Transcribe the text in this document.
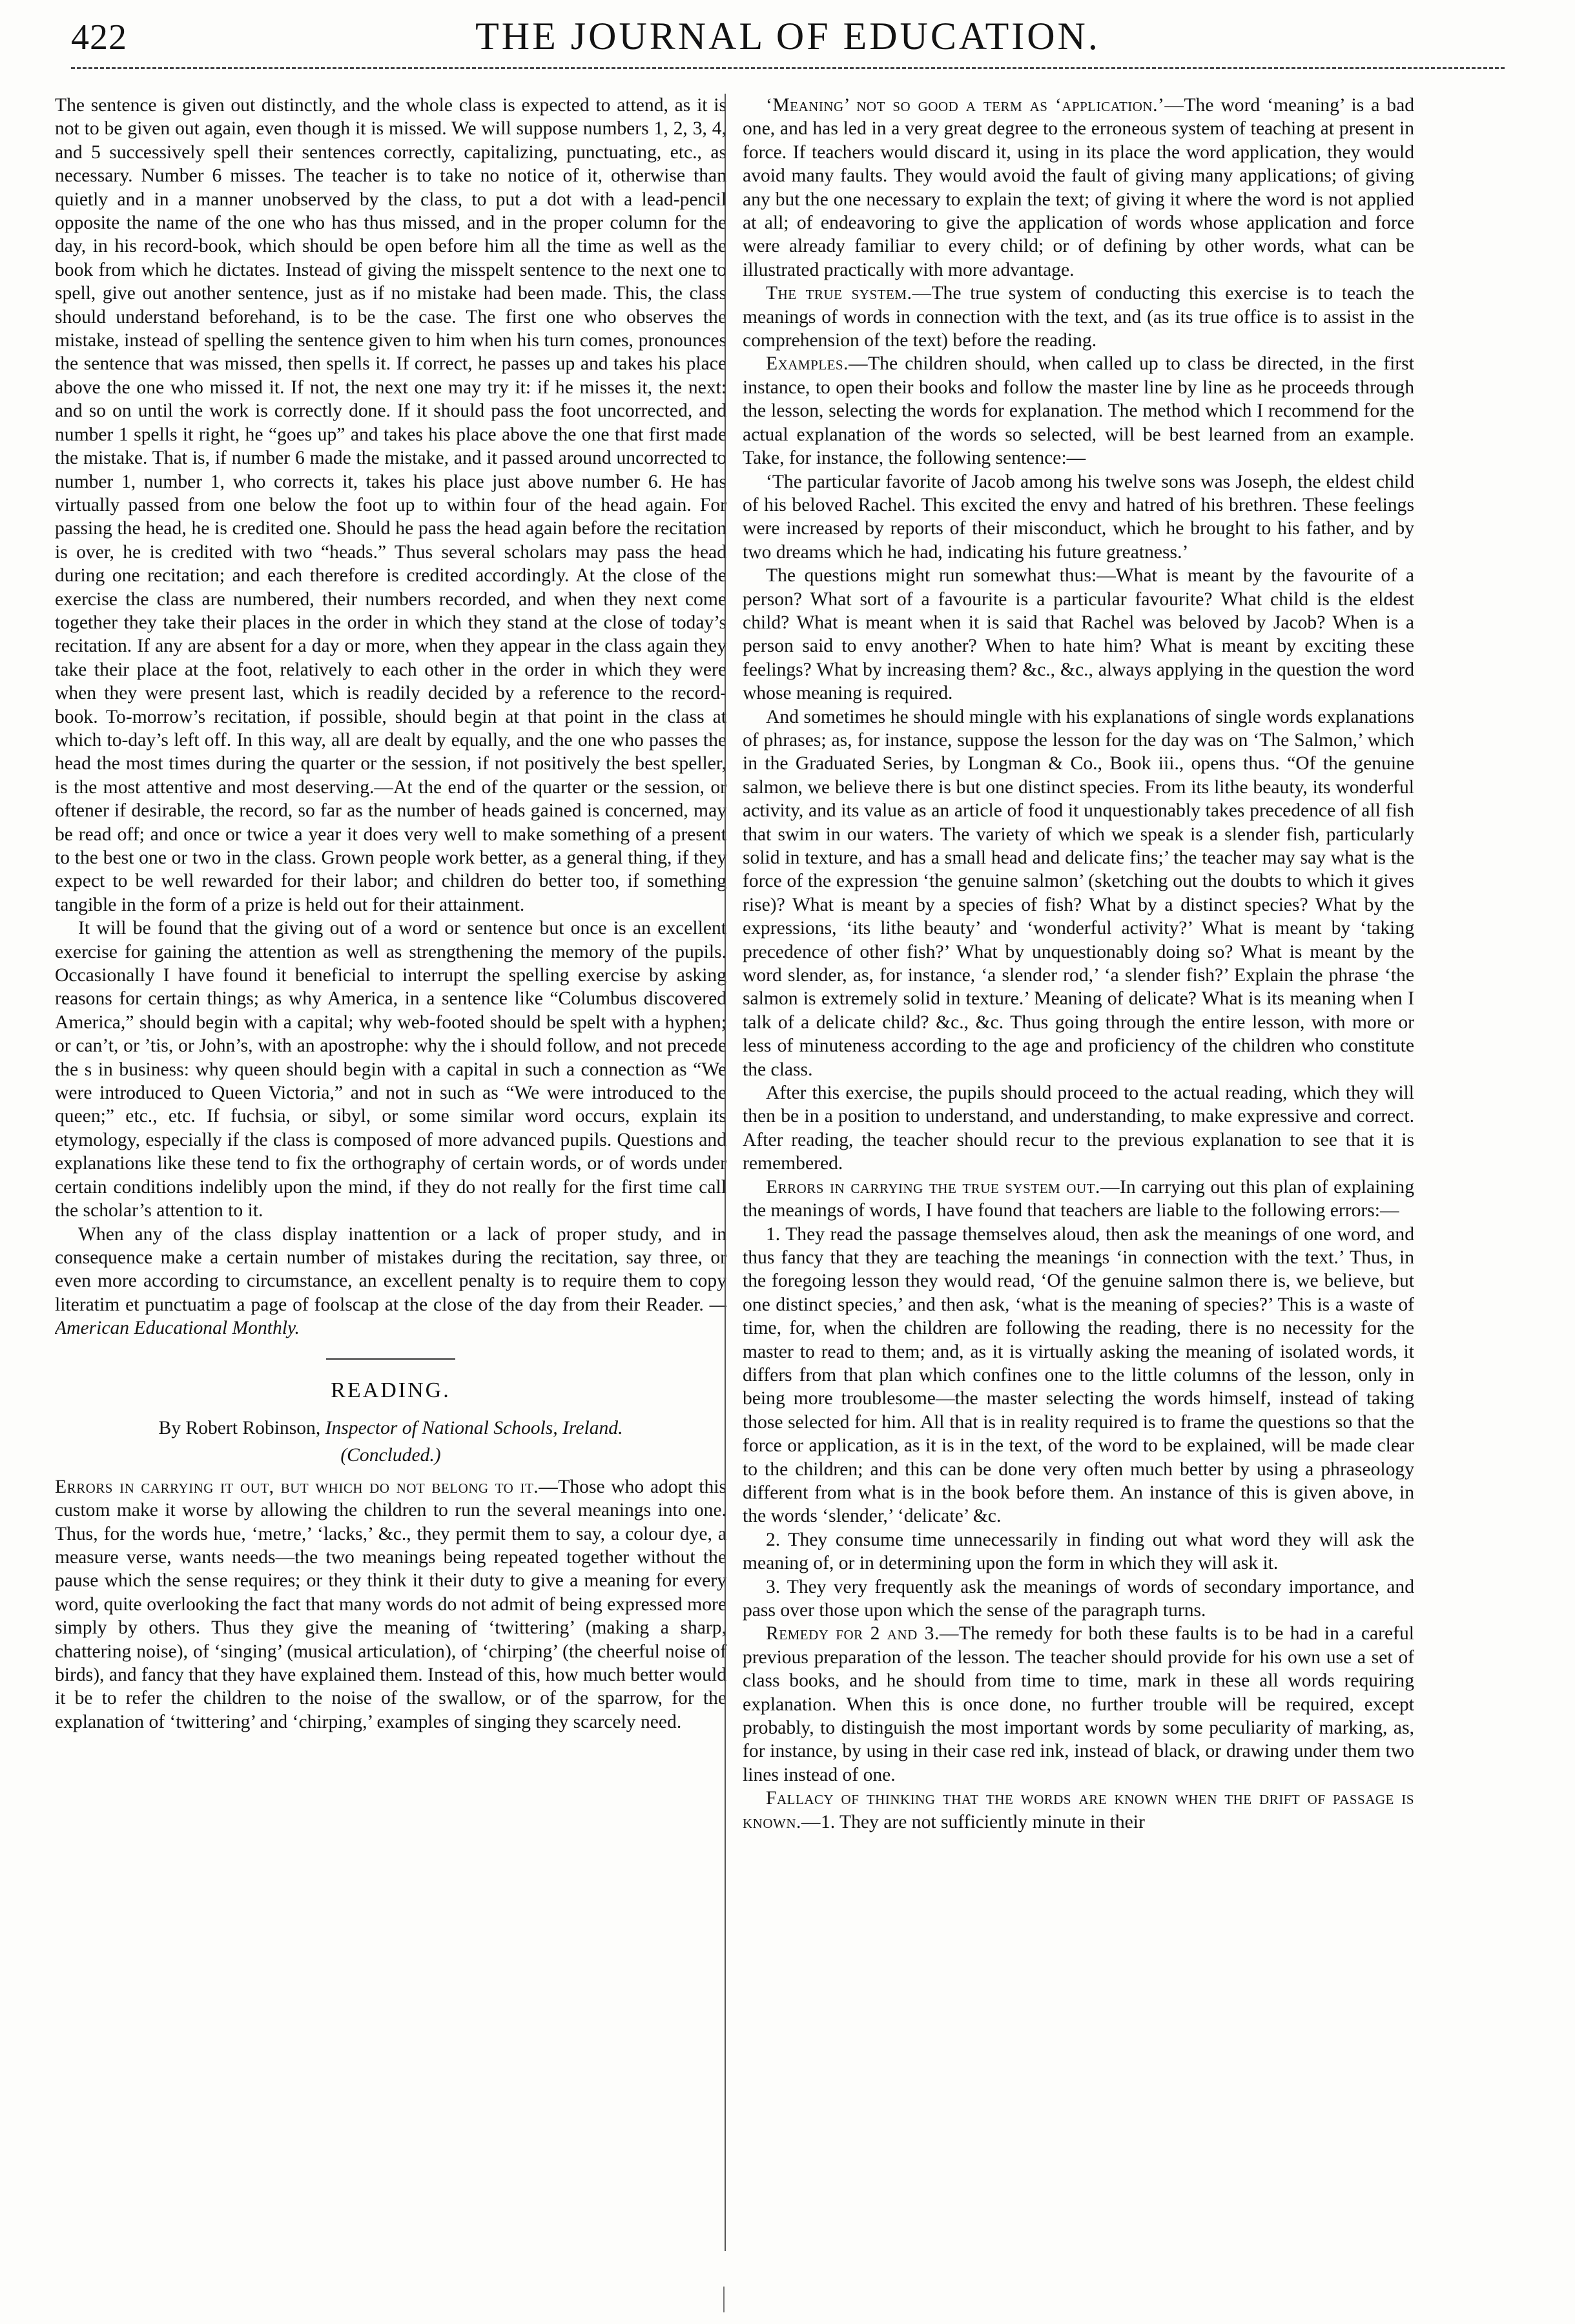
422	THE JOURNAL OF EDUCATION.

The sentence is given out distinctly, and the whole class is expected to attend, as it is not to be given out again, even though it is missed. We will suppose numbers 1, 2, 3, 4, and 5 successively spell their sentences correctly, capitalizing, punctuating, etc., as necessary. Number 6 misses. The teacher is to take no notice of it, otherwise than quietly and in a manner unobserved by the class, to put a dot with a lead-pencil opposite the name of the one who has thus missed, and in the proper column for the day, in his record-book, which should be open before him all the time as well as the book from which he dictates. Instead of giving the misspelt sentence to the next one to spell, give out another sentence, just as if no mistake had been made. This, the class should understand beforehand, is to be the case. The first one who observes the mistake, instead of spelling the sentence given to him when his turn comes, pronounces the sentence that was missed, then spells it. If correct, he passes up and takes his place above the one who missed it. If not, the next one may try it: if he misses it, the next: and so on until the work is correctly done. If it should pass the foot uncorrected, and number 1 spells it right, he “goes up” and takes his place above the one that first made the mistake. That is, if number 6 made the mistake, and it passed around uncorrected to number 1, number 1, who corrects it, takes his place just above number 6. He has virtually passed from one below the foot up to within four of the head again. For passing the head, he is credited one. Should he pass the head again before the recitation is over, he is credited with two “heads.” Thus several scholars may pass the head during one recitation; and each therefore is credited accordingly. At the close of the exercise the class are numbered, their numbers recorded, and when they next come together they take their places in the order in which they stand at the close of today’s recitation. If any are absent for a day or more, when they appear in the class again they take their place at the foot, relatively to each other in the order in which they were when they were present last, which is readily decided by a reference to the record-book. To-morrow’s recitation, if possible, should begin at that point in the class at which to-day’s left off. In this way, all are dealt by equally, and the one who passes the head the most times during the quarter or the session, if not positively the best speller, is the most attentive and most deserving.—At the end of the quarter or the session, or oftener if desirable, the record, so far as the number of heads gained is concerned, may be read off; and once or twice a year it does very well to make something of a present to the best one or two in the class. Grown people work better, as a general thing, if they expect to be well rewarded for their labor; and children do better too, if something tangible in the form of a prize is held out for their attainment.

It will be found that the giving out of a word or sentence but once is an excellent exercise for gaining the attention as well as strengthening the memory of the pupils. Occasionally I have found it beneficial to interrupt the spelling exercise by asking reasons for certain things; as why America, in a sentence like “Columbus discovered America,” should begin with a capital; why web-footed should be spelt with a hyphen; or can’t, or ’tis, or John’s, with an apostrophe: why the i should follow, and not precede the s in business: why queen should begin with a capital in such a connection as “We were introduced to Queen Victoria,” and not in such as “We were introduced to the queen;” etc., etc. If fuchsia, or sibyl, or some similar word occurs, explain its etymology, especially if the class is composed of more advanced pupils. Questions and explanations like these tend to fix the orthography of certain words, or of words under certain conditions indelibly upon the mind, if they do not really for the first time call the scholar’s attention to it.

When any of the class display inattention or a lack of proper study, and in consequence make a certain number of mistakes during the recitation, say three, or even more according to circumstance, an excellent penalty is to require them to copy literatim et punctuatim a page of foolscap at the close of the day from their Reader. —American Educational Monthly.

READING.
By Robert Robinson, Inspector of National Schools, Ireland.
(Concluded.)

Errors in carrying it out, but which do not belong to it.—Those who adopt this custom make it worse by allowing the children to run the several meanings into one. Thus, for the words hue, ‘metre,’ ‘lacks,’ &c., they permit them to say, a colour dye, a measure verse, wants needs—the two meanings being repeated together without the pause which the sense requires; or they think it their duty to give a meaning for every word, quite overlooking the fact that many words do not admit of being expressed more simply by others. Thus they give the meaning of ‘twittering’ (making a sharp, chattering noise), of ‘singing’ (musical articulation), of ‘chirping’ (the cheerful noise of birds), and fancy that they have explained them. Instead of this, how much better would it be to refer the children to the noise of the swallow, or of the sparrow, for the explanation of ‘twittering’ and ‘chirping,’ examples of singing they scarcely need.

‘Meaning’ not so good a term as ‘application.’—The word ‘meaning’ is a bad one, and has led in a very great degree to the erroneous system of teaching at present in force. If teachers would discard it, using in its place the word application, they would avoid many faults. They would avoid the fault of giving many applications; of giving any but the one necessary to explain the text; of giving it where the word is not applied at all; of endeavoring to give the application of words whose application and force were already familiar to every child; or of defining by other words, what can be illustrated practically with more advantage.

The true system.—The true system of conducting this exercise is to teach the meanings of words in connection with the text, and (as its true office is to assist in the comprehension of the text) before the reading.

Examples.—The children should, when called up to class be directed, in the first instance, to open their books and follow the master line by line as he proceeds through the lesson, selecting the words for explanation. The method which I recommend for the actual explanation of the words so selected, will be best learned from an example. Take, for instance, the following sentence:—

‘The particular favorite of Jacob among his twelve sons was Joseph, the eldest child of his beloved Rachel. This excited the envy and hatred of his brethren. These feelings were increased by reports of their misconduct, which he brought to his father, and by two dreams which he had, indicating his future greatness.’

The questions might run somewhat thus:—What is meant by the favourite of a person? What sort of a favourite is a particular favourite? What child is the eldest child? What is meant when it is said that Rachel was beloved by Jacob? When is a person said to envy another? When to hate him? What is meant by exciting these feelings? What by increasing them? &c., &c., always applying in the question the word whose meaning is required.

And sometimes he should mingle with his explanations of single words explanations of phrases; as, for instance, suppose the lesson for the day was on ‘The Salmon,’ which in the Graduated Series, by Longman & Co., Book iii., opens thus. “Of the genuine salmon, we believe there is but one distinct species. From its lithe beauty, its wonderful activity, and its value as an article of food it unquestionably takes precedence of all fish that swim in our waters. The variety of which we speak is a slender fish, particularly solid in texture, and has a small head and delicate fins;’ the teacher may say what is the force of the expression ‘the genuine salmon’ (sketching out the doubts to which it gives rise)? What is meant by a species of fish? What by a distinct species? What by the expressions, ‘its lithe beauty’ and ‘wonderful activity?’ What is meant by ‘taking precedence of other fish?’ What by unquestionably doing so? What is meant by the word slender, as, for instance, ‘a slender rod,’ ‘a slender fish?’ Explain the phrase ‘the salmon is extremely solid in texture.’ Meaning of delicate? What is its meaning when I talk of a delicate child? &c., &c. Thus going through the entire lesson, with more or less of minuteness according to the age and proficiency of the children who constitute the class.

After this exercise, the pupils should proceed to the actual reading, which they will then be in a position to understand, and understanding, to make expressive and correct. After reading, the teacher should recur to the previous explanation to see that it is remembered.

Errors in carrying the true system out.—In carrying out this plan of explaining the meanings of words, I have found that teachers are liable to the following errors:—

1. They read the passage themselves aloud, then ask the meanings of one word, and thus fancy that they are teaching the meanings ‘in connection with the text.’ Thus, in the foregoing lesson they would read, ‘Of the genuine salmon there is, we believe, but one distinct species,’ and then ask, ‘what is the meaning of species?’ This is a waste of time, for, when the children are following the reading, there is no necessity for the master to read to them; and, as it is virtually asking the meaning of isolated words, it differs from that plan which confines one to the little columns of the lesson, only in being more troublesome—the master selecting the words himself, instead of taking those selected for him. All that is in reality required is to frame the questions so that the force or application, as it is in the text, of the word to be explained, will be made clear to the children; and this can be done very often much better by using a phraseology different from what is in the book before them. An instance of this is given above, in the words ‘slender,’ ‘delicate’ &c.

2. They consume time unnecessarily in finding out what word they will ask the meaning of, or in determining upon the form in which they will ask it.

3. They very frequently ask the meanings of words of secondary importance, and pass over those upon which the sense of the paragraph turns.

Remedy for 2 and 3.—The remedy for both these faults is to be had in a careful previous preparation of the lesson. The teacher should provide for his own use a set of class books, and he should from time to time, mark in these all words requiring explanation. When this is once done, no further trouble will be required, except probably, to distinguish the most important words by some peculiarity of marking, as, for instance, by using in their case red ink, instead of black, or drawing under them two lines instead of one.

Fallacy of thinking that the words are known when the drift of passage is known.—1. They are not sufficiently minute in their
